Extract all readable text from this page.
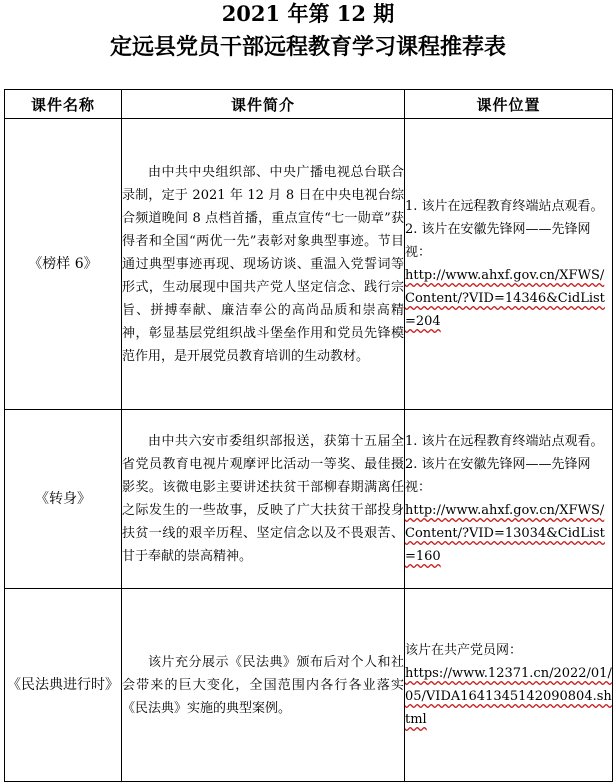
2021 年第 12 期
定远县党员干部远程教育学习课程推荐表
课件名称	课件简介	课件位置
《榜样 6》	由中共中央组织部、中央广播电视总台联合录制，定于 2021 年 12 月 8 日在中央电视台综合频道晚间 8 点档首播，重点宣传“七一勋章”获得者和全国“两优一先”表彰对象典型事迹。节目通过典型事迹再现、现场访谈、重温入党誓词等形式，生动展现中国共产党人坚定信念、践行宗旨、拼搏奉献、廉洁奉公的高尚品质和崇高精神，彰显基层党组织战斗堡垒作用和党员先锋模范作用，是开展党员教育培训的生动教材。	1. 该片在远程教育终端站点观看。
2. 该片在安徽先锋网——先锋网视：
http://www.ahxf.gov.cn/XFWS/Content/?VID=14346&CidList=204

《转身》	由中共六安市委组织部报送，获第十五届全省党员教育电视片观摩评比活动一等奖、最佳摄影奖。该微电影主要讲述扶贫干部柳春期满离任之际发生的一些故事，反映了广大扶贫干部投身扶贫一线的艰辛历程、坚定信念以及不畏艰苦、甘于奉献的崇高精神。	1. 该片在远程教育终端站点观看。
2. 该片在安徽先锋网——先锋网视：
http://www.ahxf.gov.cn/XFWS/Content/?VID=13034&CidList=160

《民法典进行时》	该片充分展示《民法典》颁布后对个人和社会带来的巨大变化，全国范围内各行各业落实《民法典》实施的典型案例。	该片在共产党员网：
https://www.12371.cn/2022/01/05/VIDA1641345142090804.shtml
